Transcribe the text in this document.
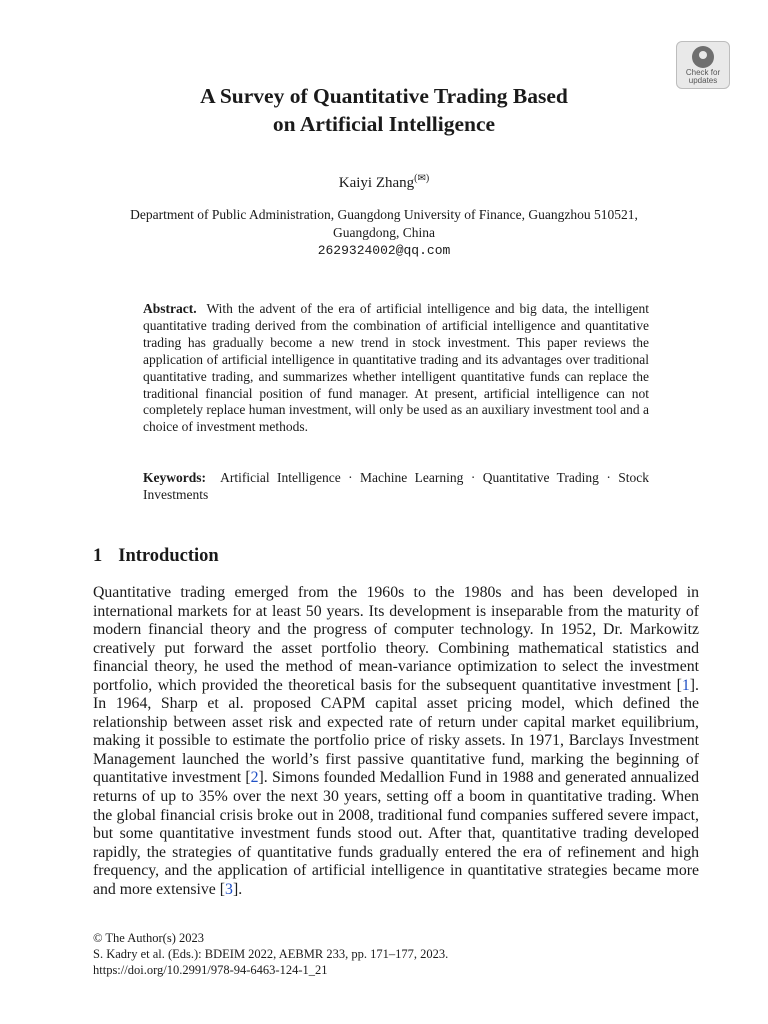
Check for
updates
A Survey of Quantitative Trading Based
on Artificial Intelligence
Kaiyi Zhang(✉)
Department of Public Administration, Guangdong University of Finance, Guangzhou 510521,
Guangdong, China
2629324002@qq.com
Abstract. With the advent of the era of artificial intelligence and big data, the intelligent quantitative trading derived from the combination of artificial intelligence and quantitative trading has gradually become a new trend in stock investment. This paper reviews the application of artificial intelligence in quantitative trading and its advantages over traditional quantitative trading, and summarizes whether intelligent quantitative funds can replace the traditional financial position of fund manager. At present, artificial intelligence can not completely replace human investment, will only be used as an auxiliary investment tool and a choice of investment methods.
Keywords: Artificial Intelligence · Machine Learning · Quantitative Trading · Stock Investments
1 Introduction
Quantitative trading emerged from the 1960s to the 1980s and has been developed in international markets for at least 50 years. Its development is inseparable from the maturity of modern financial theory and the progress of computer technology. In 1952, Dr. Markowitz creatively put forward the asset portfolio theory. Combining mathematical statistics and financial theory, he used the method of mean-variance optimization to select the investment portfolio, which provided the theoretical basis for the subsequent quantitative investment [1]. In 1964, Sharp et al. proposed CAPM capital asset pricing model, which defined the relationship between asset risk and expected rate of return under capital market equilibrium, making it possible to estimate the portfolio price of risky assets. In 1971, Barclays Investment Management launched the world’s first passive quantitative fund, marking the beginning of quantitative investment [2]. Simons founded Medallion Fund in 1988 and generated annualized returns of up to 35% over the next 30 years, setting off a boom in quantitative trading. When the global financial crisis broke out in 2008, traditional fund companies suffered severe impact, but some quantitative investment funds stood out. After that, quantitative trading developed rapidly, the strategies of quantitative funds gradually entered the era of refinement and high frequency, and the application of artificial intelligence in quantitative strategies became more and more extensive [3].
© The Author(s) 2023
S. Kadry et al. (Eds.): BDEIM 2022, AEBMR 233, pp. 171–177, 2023.
https://doi.org/10.2991/978-94-6463-124-1_21
